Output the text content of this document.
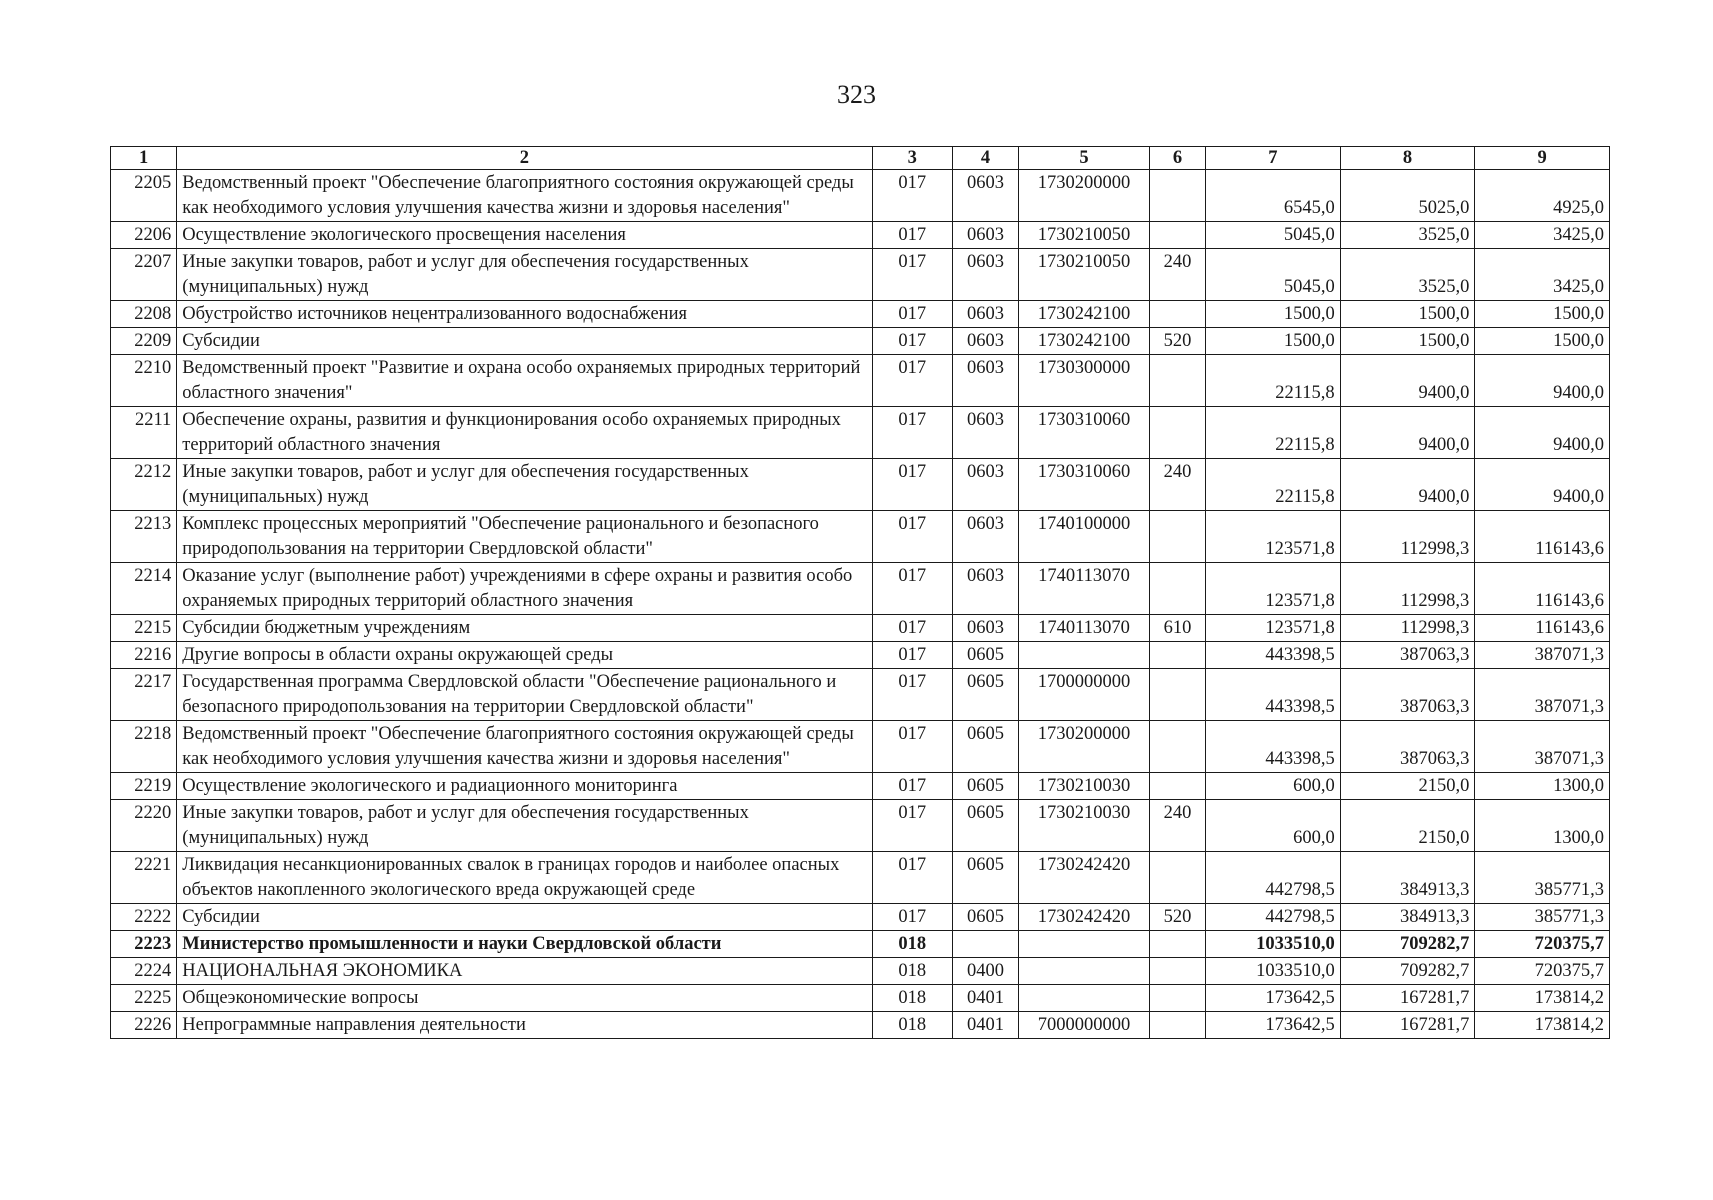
323
1	2	3	4	5	6	7	8	9
2205	Ведомственный проект "Обеспечение благоприятного состояния окружающей среды как необходимого условия улучшения качества жизни и здоровья населения"	017	0603	1730200000		6545,0	5025,0	4925,0
2206	Осуществление экологического просвещения населения	017	0603	1730210050		5045,0	3525,0	3425,0
2207	Иные закупки товаров, работ и услуг для обеспечения государственных (муниципальных) нужд	017	0603	1730210050	240	5045,0	3525,0	3425,0
2208	Обустройство источников нецентрализованного водоснабжения	017	0603	1730242100		1500,0	1500,0	1500,0
2209	Субсидии	017	0603	1730242100	520	1500,0	1500,0	1500,0
2210	Ведомственный проект "Развитие и охрана особо охраняемых природных территорий областного значения"	017	0603	1730300000		22115,8	9400,0	9400,0
2211	Обеспечение охраны, развития и функционирования особо охраняемых природных территорий областного значения	017	0603	1730310060		22115,8	9400,0	9400,0
2212	Иные закупки товаров, работ и услуг для обеспечения государственных (муниципальных) нужд	017	0603	1730310060	240	22115,8	9400,0	9400,0
2213	Комплекс процессных мероприятий "Обеспечение рационального и безопасного природопользования на территории Свердловской области"	017	0603	1740100000		123571,8	112998,3	116143,6
2214	Оказание услуг (выполнение работ) учреждениями в сфере охраны и развития особо охраняемых природных территорий областного значения	017	0603	1740113070		123571,8	112998,3	116143,6
2215	Субсидии бюджетным учреждениям	017	0603	1740113070	610	123571,8	112998,3	116143,6
2216	Другие вопросы в области охраны окружающей среды	017	0605			443398,5	387063,3	387071,3
2217	Государственная программа Свердловской области "Обеспечение рационального и безопасного природопользования на территории Свердловской области"	017	0605	1700000000		443398,5	387063,3	387071,3
2218	Ведомственный проект "Обеспечение благоприятного состояния окружающей среды как необходимого условия улучшения качества жизни и здоровья населения"	017	0605	1730200000		443398,5	387063,3	387071,3
2219	Осуществление экологического и радиационного мониторинга	017	0605	1730210030		600,0	2150,0	1300,0
2220	Иные закупки товаров, работ и услуг для обеспечения государственных (муниципальных) нужд	017	0605	1730210030	240	600,0	2150,0	1300,0
2221	Ликвидация несанкционированных свалок в границах городов и наиболее опасных объектов накопленного экологического вреда окружающей среде	017	0605	1730242420		442798,5	384913,3	385771,3
2222	Субсидии	017	0605	1730242420	520	442798,5	384913,3	385771,3
2223	Министерство промышленности и науки Свердловской области	018				1033510,0	709282,7	720375,7
2224	НАЦИОНАЛЬНАЯ ЭКОНОМИКА	018	0400			1033510,0	709282,7	720375,7
2225	Общеэкономические вопросы	018	0401			173642,5	167281,7	173814,2
2226	Непрограммные направления деятельности	018	0401	7000000000		173642,5	167281,7	173814,2
